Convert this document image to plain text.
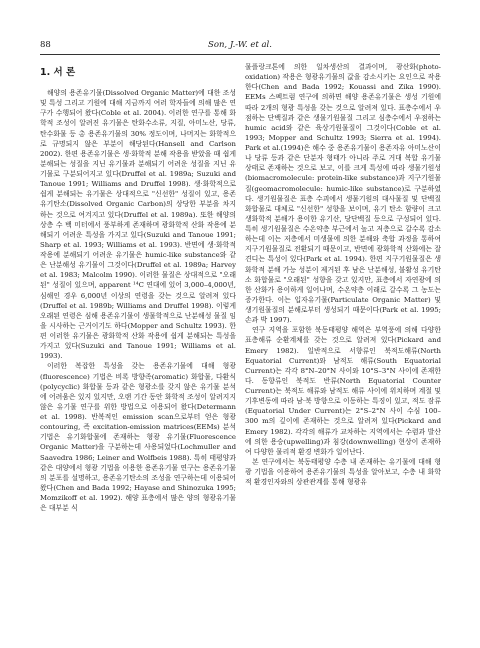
88	Son, J.-W. et al.
1. 서 론

해양의 용존유기물(Dissolved Organic Matter)에 대한 조성 및 특성 그리고 기원에 대해 지금까지 여러 학자들에 의해 많은 연구가 수행되어 왔다(Coble et al. 2004). 이러한 연구를 통해 화학적 조성이 알려진 유기물은 탄화수소류, 지질, 아미노산, 당류, 탄수화물 등 총 용존유기물의 30% 정도이며, 나머지는 화학적으로 규명되지 않은 부분이 해당된다(Hansell and Carlson 2002). 한편 용존유기물은 생·화학적 분해 작용을 받았을 때 쉽게 분해되는 성질을 지닌 유기물과 분해되기 어려운 성질을 지닌 유기물로 구분되어지고 있다(Druffel et al. 1989a; Suzuki and Tanoue 1991; Williams and Druffel 1998). 생·화학적으로 쉽게 분해되는 유기물은 상대적으로 "신선한" 성질이 있고, 용존유기탄소(Dissolved Organic Carbon)의 상당한 부분을 차지하는 것으로 여겨지고 있다(Druffel et al. 1989a). 또한 해양의 상층 수 백 미터에서 풍부하게 존재하며 광화학적 산화 작용에 분해되기 어려운 특성을 가지고 있다(Suzuki and Tanoue 1991; Sharp et al. 1993; Williams et al. 1993). 반면에 생·화학적 작용에 분해되기 어려운 유기물은 humic-like substance와 같은 난분해성 유기물이 그것이다(Druffel et al. 1989a; Harvey et al. 1983; Malcolm 1990). 이러한 물질은 상대적으로 "오래된" 성질이 있으며, apparent ¹⁴C 연대에 있어 3,000–4,000년, 심해인 경우 6,000년 이상의 연령을 갖는 것으로 알려져 있다(Druffel et al. 1989b; Williams and Druffel 1998). 이렇게 오래된 연령은 심해 용존유기물이 생물학적으로 난분해성 물질 임을 시사하는 근거이기도 하다(Mopper and Schultz 1993). 한편 이러한 유기물은 광화학적 산화 작용에 쉽게 분해되는 특성을 가지고 있다(Suzuki and Tanoue 1991; Williams et al. 1993).

이러한 복잡한 특성을 갖는 용존유기물에 대해 형광(fluorescence) 기법은 비록 방향족(aromatic) 화합물, 다환식(polycyclic) 화합물 등과 같은 형광소를 갖지 않은 유기물 분석에 어려움은 있지 있지만, 오랜 기간 동안 화학적 조성이 알려지지 않은 유기물 연구를 위한 방법으로 이용되어 왔다(Determann et al. 1998). 반복적인 emission scan으로부터 얻은 형광 contouring, 즉 excitation-emission matrices(EEMs) 분석 기법은 유기화합물에 존재하는 형광 유기물(Fluorescence Organic Matter)을 구분하는데 사용되었다(Lochmuller and Saavedra 1986; Leiner and Wolfbeis 1988). 특히 태평양과 같은 대양에서 형광 기법을 이용한 용존유기물 연구는 용존유기물의 분포를 설명하고, 용존유기탄소의 조성을 연구하는데 이용되어 왔다(Chen and Bada 1992; Hayase and Shinozuka 1995; Momzikoff et al. 1992). 해양 표층에서 많은 양의 형광유기물은 대부분 식

물플랑크톤에 의한 일차생산의 결과이며, 광산화(photo-oxidation) 작용은 형광유기물의 값을 감소시키는 요인으로 작용한다(Chen and Bada 1992; Kouassi and Zika 1990). EEMs 스펙트럼 연구에 의하면 해양 용존유기물은 생성 기원에 따라 2개의 형광 특성을 갖는 것으로 알려져 있다. 표층수에서 우점하는 단백질과 같은 생물기원물질 그리고 심층수에서 우점하는 humic acid와 같은 육상기원물질이 그것이다(Coble et al. 1993; Mopper and Schultz 1993; Sierra et al. 1994). Park et al.(1994)은 해수 중 용존유기물이 용존자유 아미노산이나 당류 등과 같은 단분자 형태가 아니라 주로 거대 복합 유기물 상태로 존재하는 것으로 보고, 이를 크게 특성에 따라 생물기원성(biomacromolecule: protein-like substance)과 지구기원물질(geomacromolecule: humic-like substance)로 구분하였다. 생기원물질은 표층 수괴에서 생물기원의 대사물질 및 단백질 화합물로 대체로 "신선한" 성향을 보이며, 유기 탄소 함량이 크고 생화학적 분해가 용이한 유기산, 당단백질 등으로 구성되어 있다. 특히 생기원물질은 수온약층 부근에서 높고 저층으로 갈수록 감소하는데 이는 저층에서 미생물에 의한 분해와 축합 과정을 통하여 지구기원물질로 전환되기 때문이고, 반면에 광화학적 산화에는 잘 견디는 특성이 있다(Park et al. 1994). 한편 지구기원물질은 생화학적 분해 가능 성분이 제거된 후 남은 난분해성, 불활성 유기탄소 화합물로 "오래된" 성향을 갖고 있지만, 표층에서 자연광에 의한 산화가 용이하게 일어나며, 수온약층 이래로 갈수록 그 농도는 증가한다. 이는 입자유기물(Particulate Organic Matter) 및 생기원물질의 분해로부터 생성되기 때문이다(Park et al. 1995; 손과 박 1997).

연구 지역을 포함한 북동태평양 해역은 부역풍에 의해 다양한 표층해류 순환계체를 갖는 것으로 알려져 있다(Pickard and Emery 1982). 일반적으로 서향류인 북적도해류(North Equatorial Current)와 남적도 해류(South Equatorial Current)는 각각 8°N–20°N 사이와 10°S–3°N 사이에 존재한다. 동향류인 북적도 반류(North Equatorial Counter Current)는 북적도 해류와 남적도 해류 사이에 위치하며 계절 및 기후변동에 따라 남·북 방향으로 이동하는 특징이 있고, 적도 잠류(Equatorial Under Current)는 2°S–2°N 사이 수심 100–300 m의 깊이에 존재하는 것으로 알려져 있다(Pickard and Emery 1982). 각각의 해류가 교차하는 지역에서는 수렴과 발산에 의한 용승(upwelling)과 침강(downwelling) 현상이 존재하여 다양한 물리적 환경 변화가 일어난다.

본 연구에서는 북동태평양 수층 내 존재하는 유기물에 대해 형광 기법을 이용하여 용존유기물의 특성을 알아보고, 수층 내 화학적 환경인자와의 상관관계를 통해 형광유
